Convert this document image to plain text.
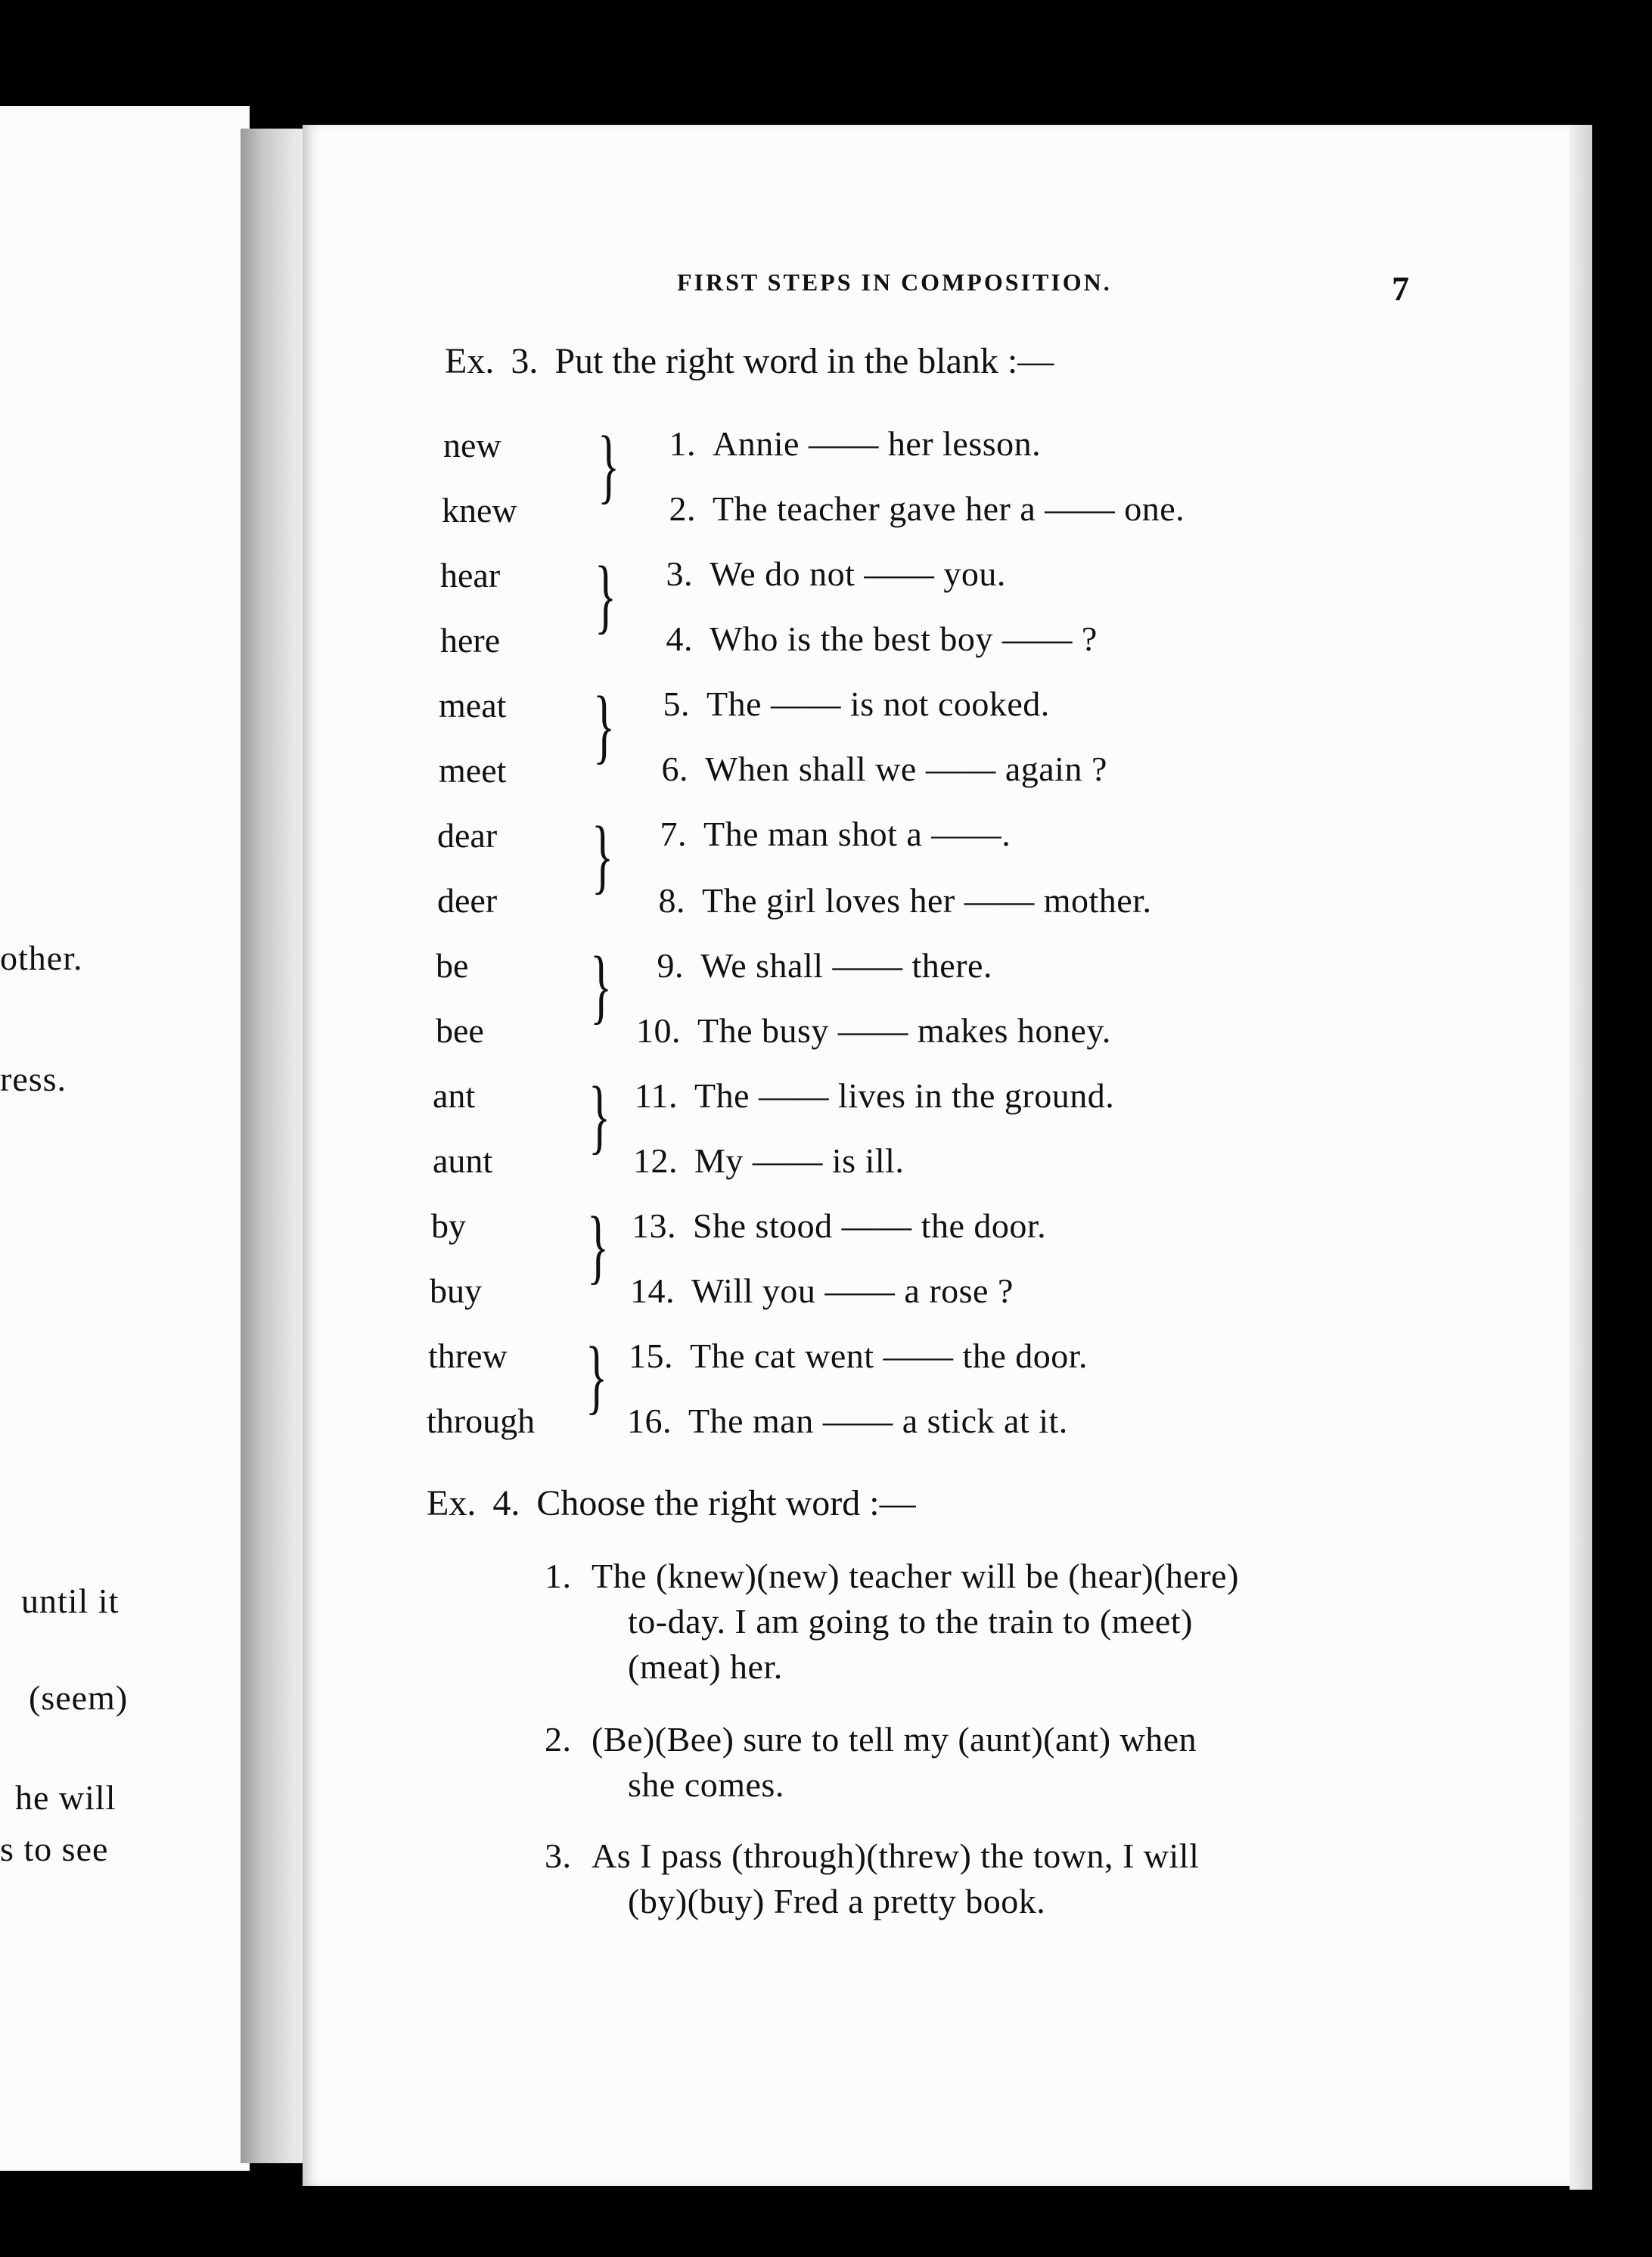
other.
ress.
until it
(seem)
he will
s to see
FIRST STEPS IN COMPOSITION.	7
Ex. 3. Put the right word in the blank :—
new
knew
hear
here
meat
meet
dear
deer
be
bee
ant
aunt
by
buy
threw
through
}
}
}
}
}
}
}
}
1. Annie —— her lesson.
2. The teacher gave her a —— one.
3. We do not —— you.
4. Who is the best boy —— ?
5. The —— is not cooked.
6. When shall we —— again ?
7. The man shot a ——.
8. The girl loves her —— mother.
9. We shall —— there.
10. The busy —— makes honey.
11. The —— lives in the ground.
12. My —— is ill.
13. She stood —— the door.
14. Will you —— a rose ?
15. The cat went —— the door.
16. The man —— a stick at it.
Ex. 4. Choose the right word :—
1. The (knew)(new) teacher will be (hear)(here)
to-day. I am going to the train to (meet)
(meat) her.
2. (Be)(Bee) sure to tell my (aunt)(ant) when
she comes.
3. As I pass (through)(threw) the town, I will
(by)(buy) Fred a pretty book.
